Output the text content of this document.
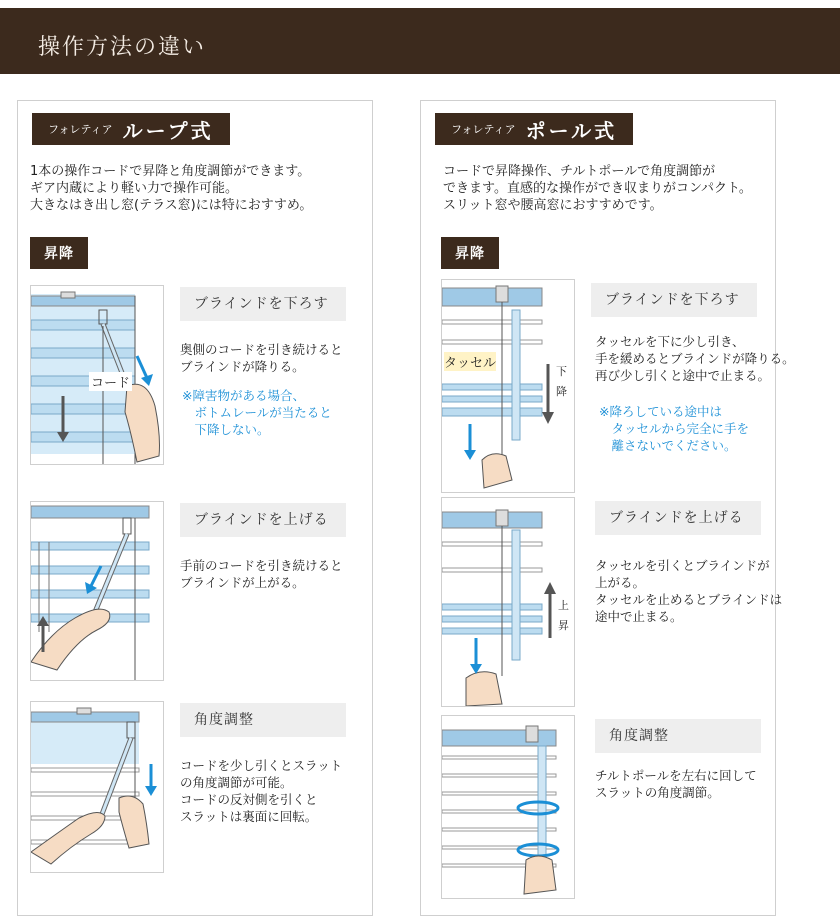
操作方法の違い
フォレティア ループ式
1本の操作コードで昇降と角度調節ができます。
ギア内蔵により軽い力で操作可能。
大きなはき出し窓(テラス窓)には特におすすめ。
昇降
コード
ブラインドを下ろす
奥側のコードを引き続けると
ブラインドが降りる。
※障害物がある場合、
　ボトムレールが当たると
　下降しない。
ブラインドを上げる
手前のコードを引き続けると
ブラインドが上がる。
角度調整
コードを少し引くとスラット
の角度調節が可能。
コードの反対側を引くと
スラットは裏面に回転。
フォレティア ポール式
コードで昇降操作、チルトポールで角度調節が
できます。直感的な操作ができ収まりがコンパクト。
スリット窓や腰高窓におすすめです。
昇降
タッセル
下
降
ブラインドを下ろす
タッセルを下に少し引き、
手を緩めるとブラインドが降りる。
再び少し引くと途中で止まる。
※降ろしている途中は
　タッセルから完全に手を
　離さないでください。
上
昇
ブラインドを上げる
タッセルを引くとブラインドが
上がる。
タッセルを止めるとブラインドは
途中で止まる。
角度調整
チルトポールを左右に回して
スラットの角度調節。
